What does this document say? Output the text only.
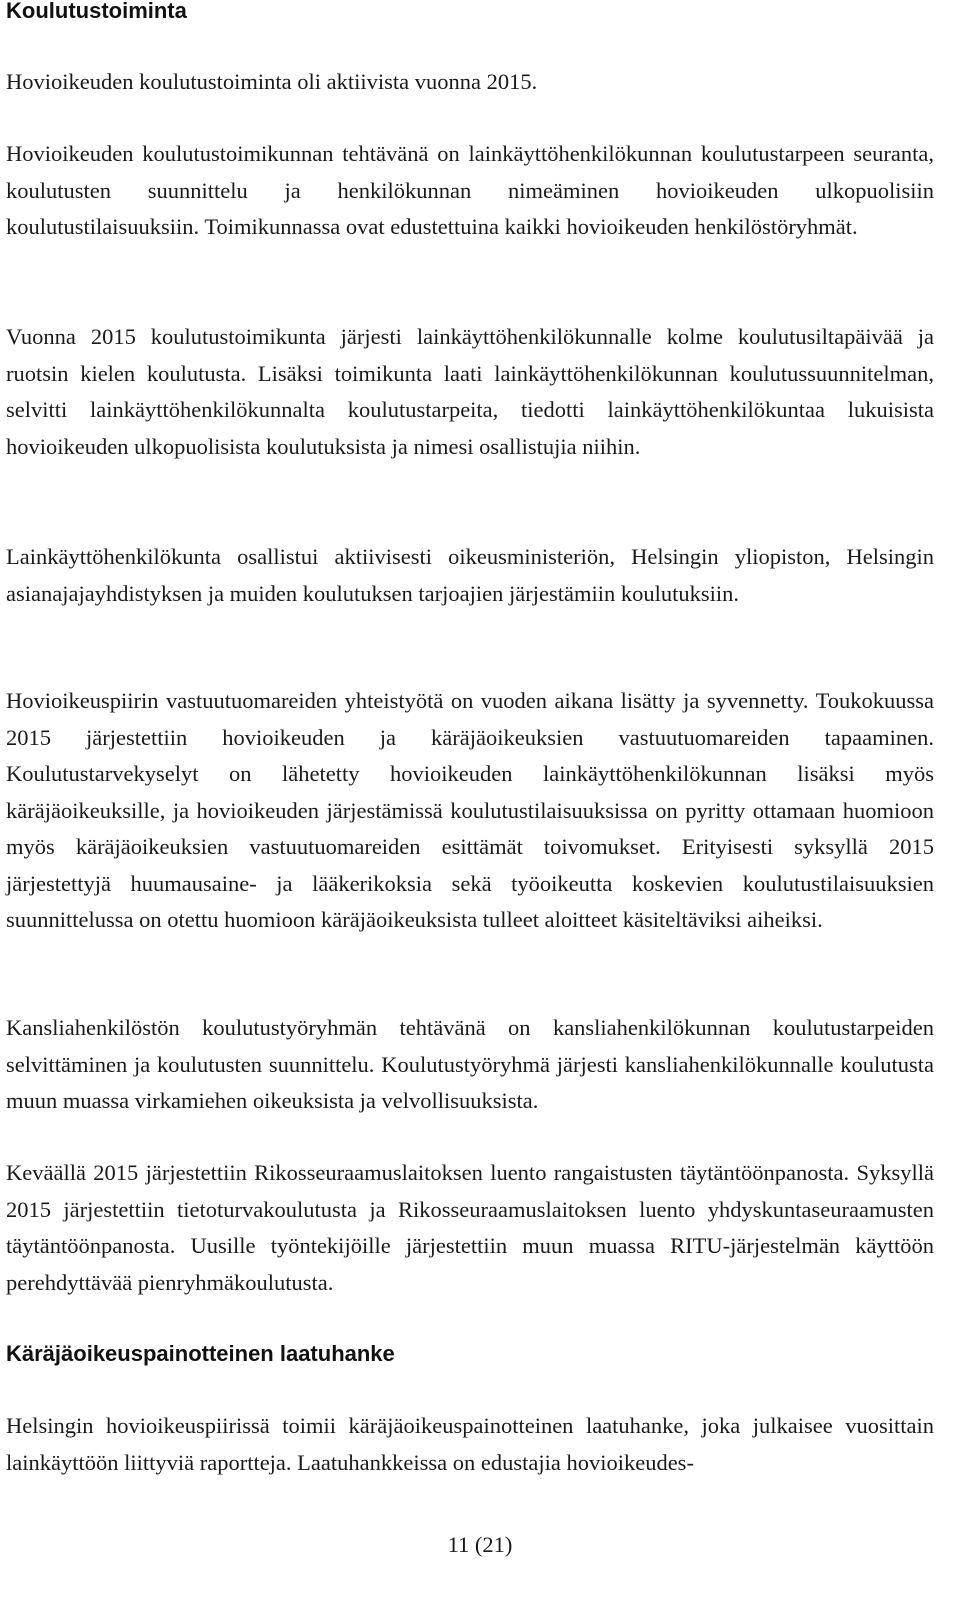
Koulutustoiminta

Hovioikeuden koulutustoiminta oli aktiivista vuonna 2015.

Hovioikeuden koulutustoimikunnan tehtävänä on lainkäyttöhenkilökunnan koulutustarpeen seuranta, koulutusten suunnittelu ja henkilökunnan nimeäminen hovioikeuden ulkopuolisiin koulutustilaisuuksiin. Toimikunnassa ovat edustettuina kaikki hovioikeuden henkilöstöryhmät.

Vuonna 2015 koulutustoimikunta järjesti lainkäyttöhenkilökunnalle kolme koulutusiltapäivää ja ruotsin kielen koulutusta. Lisäksi toimikunta laati lainkäyttöhenkilökunnan koulutussuunnitelman, selvitti lainkäyttöhenkilökunnalta koulutustarpeita, tiedotti lainkäyttöhenkilökuntaa lukuisista hovioikeuden ulkopuolisista koulutuksista ja nimesi osallistujia niihin.

Lainkäyttöhenkilökunta osallistui aktiivisesti oikeusministeriön, Helsingin yliopiston, Helsingin asianajajayhdistyksen ja muiden koulutuksen tarjoajien järjestämiin koulutuksiin.

Hovioikeuspiirin vastuutuomareiden yhteistyötä on vuoden aikana lisätty ja syvennetty. Toukokuussa 2015 järjestettiin hovioikeuden ja käräjäoikeuksien vastuutuomareiden tapaaminen. Koulutustarvekyselyt on lähetetty hovioikeuden lainkäyttöhenkilökunnan lisäksi myös käräjäoikeuksille, ja hovioikeuden järjestämissä koulutustilaisuuksissa on pyritty ottamaan huomioon myös käräjäoikeuksien vastuutuomareiden esittämät toivomukset. Erityisesti syksyllä 2015 järjestettyjä huumausaine- ja lääkerikoksia sekä työoikeutta koskevien koulutustilaisuuksien suunnittelussa on otettu huomioon käräjäoikeuksista tulleet aloitteet käsiteltäviksi aiheiksi.

Kansliahenkilöstön koulutustyöryhmän tehtävänä on kansliahenkilökunnan koulutustarpeiden selvittäminen ja koulutusten suunnittelu. Koulutustyöryhmä järjesti kansliahenkilökunnalle koulutusta muun muassa virkamiehen oikeuksista ja velvollisuuksista.

Keväällä 2015 järjestettiin Rikosseuraamuslaitoksen luento rangaistusten täytäntöönpanosta. Syksyllä 2015 järjestettiin tietoturvakoulutusta ja Rikosseuraamuslaitoksen luento yhdyskuntaseuraamusten täytäntöönpanosta. Uusille työntekijöille järjestettiin muun muassa RITU-järjestelmän käyttöön perehdyttävää pienryhmäkoulutusta.

Käräjäoikeuspainotteinen laatuhanke

Helsingin hovioikeuspiirissä toimii käräjäoikeuspainotteinen laatuhanke, joka julkaisee vuosittain lainkäyttöön liittyviä raportteja. Laatuhankkeissa on edustajia hovioikeudes-

11 (21)
